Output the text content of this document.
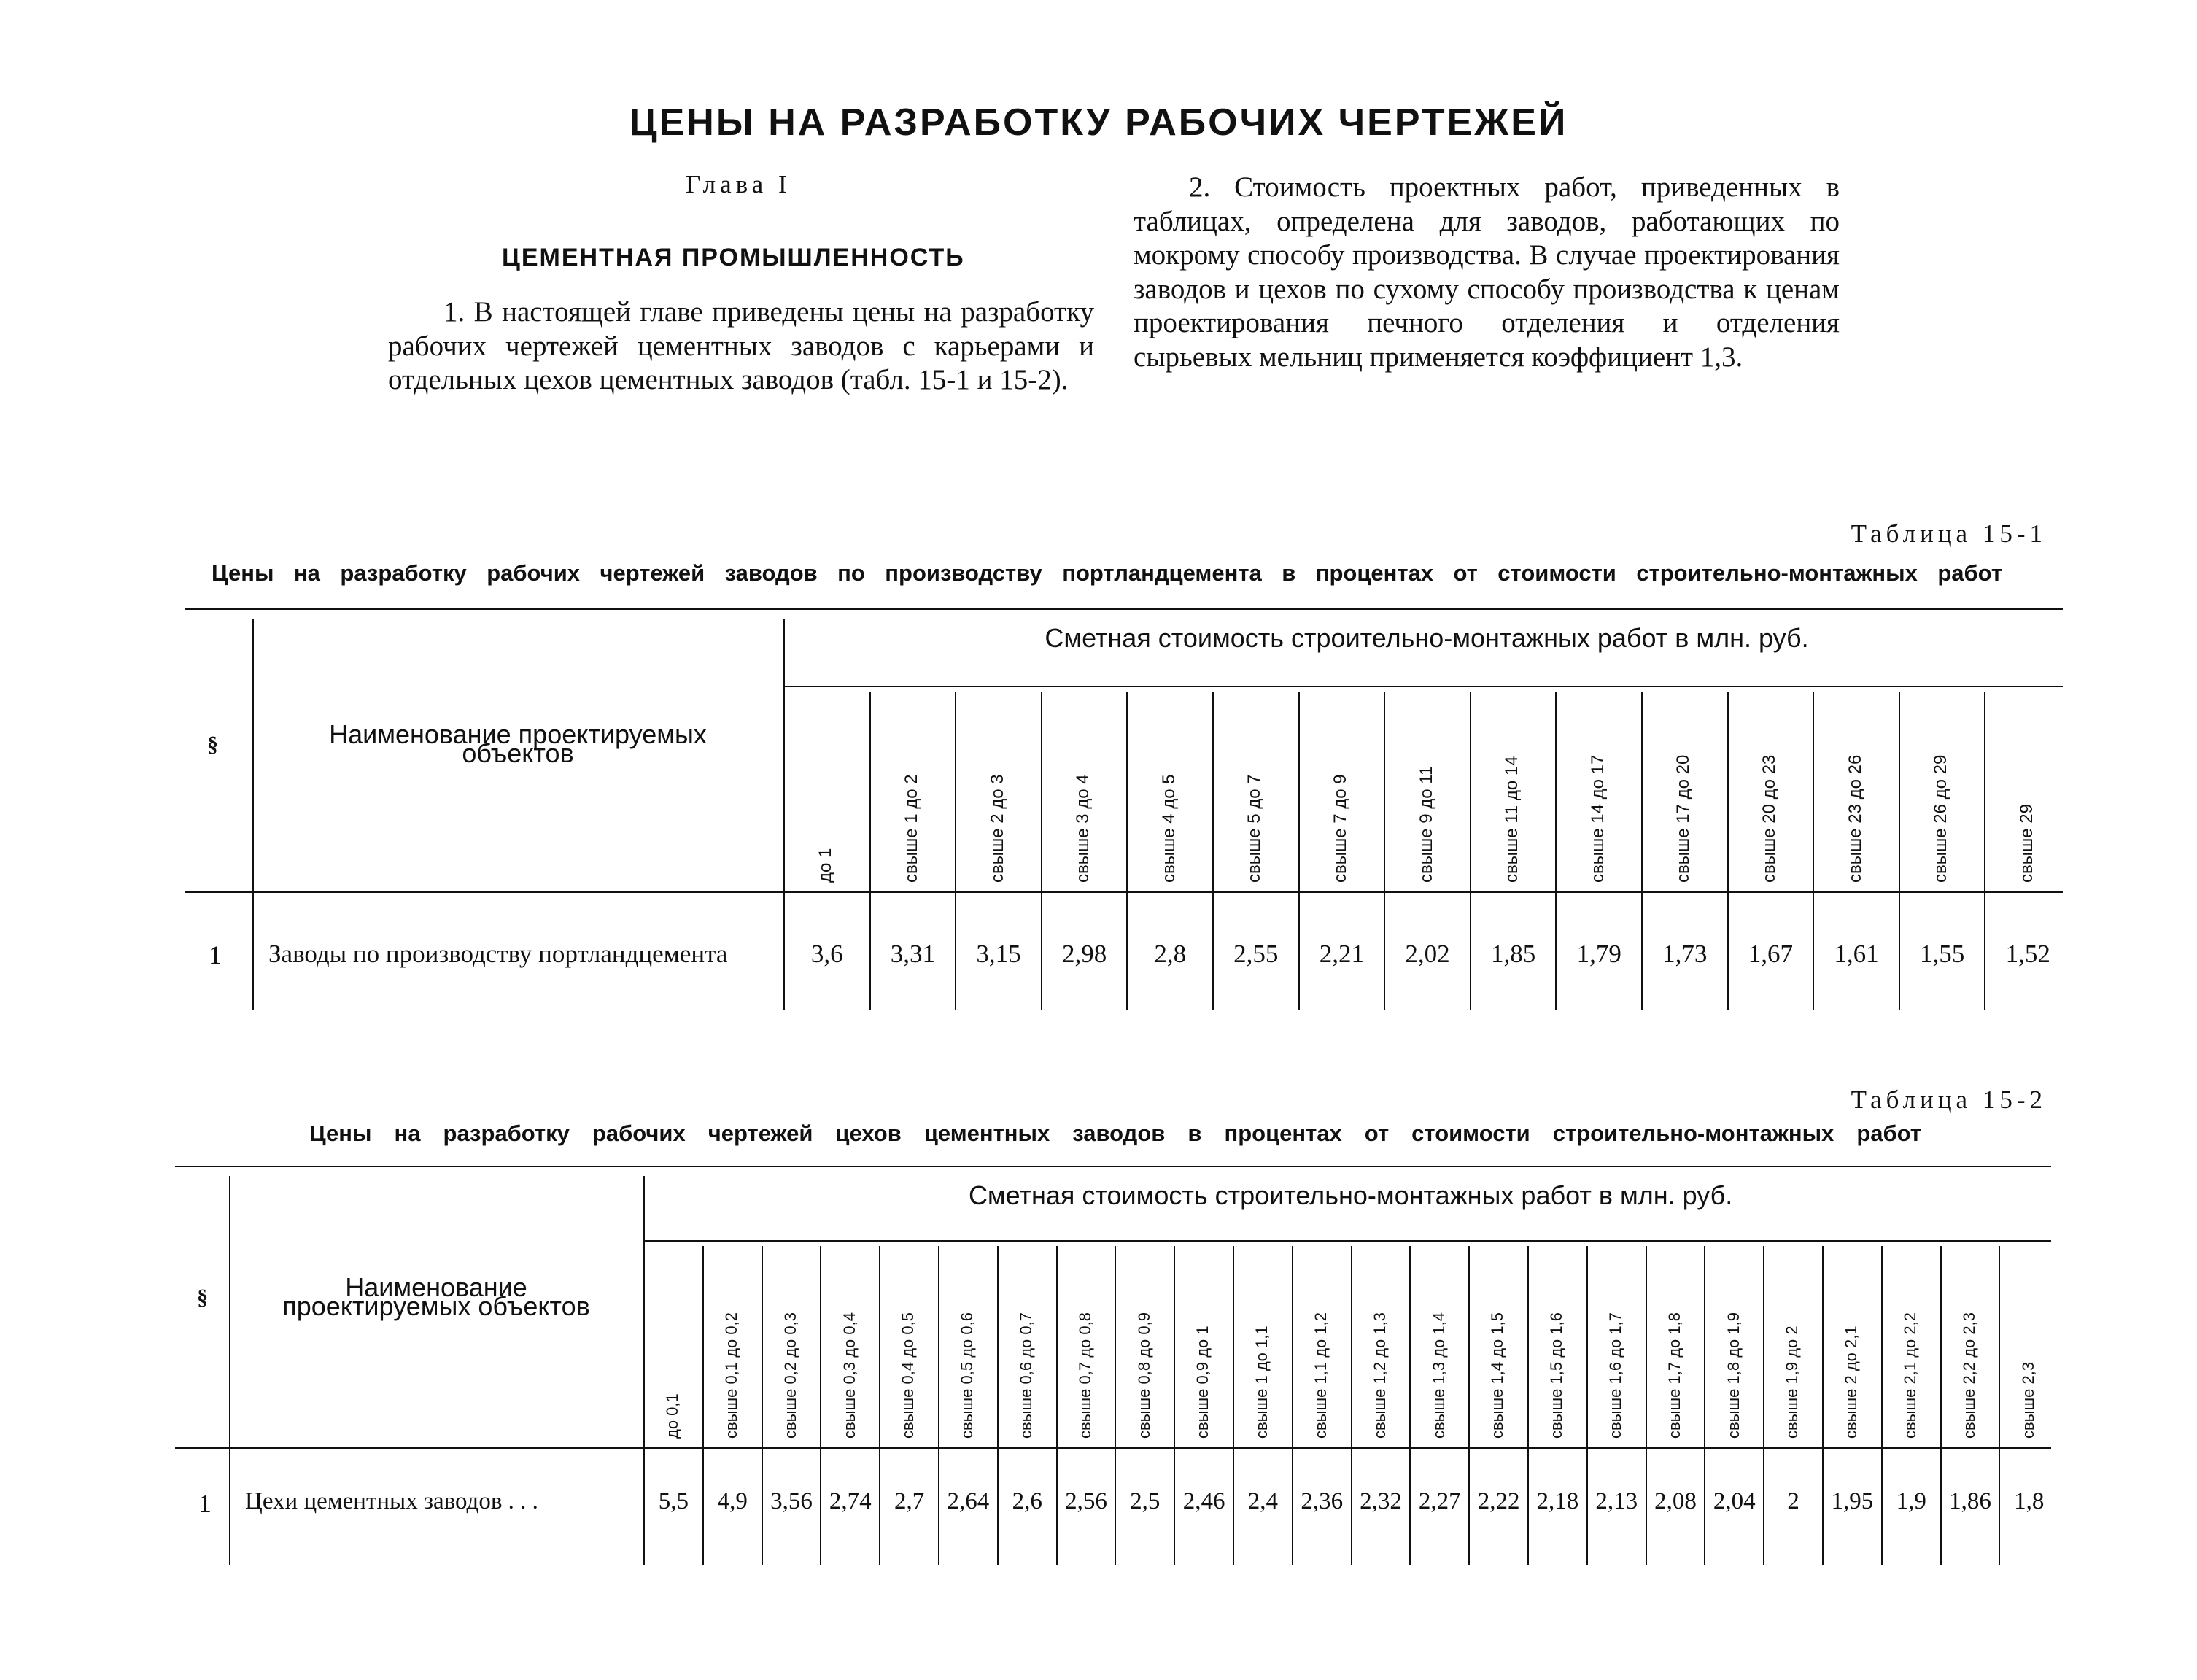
ЦЕНЫ НА РАЗРАБОТКУ РАБОЧИХ ЧЕРТЕЖЕЙ
Глава I
ЦЕМЕНТНАЯ ПРОМЫШЛЕННОСТЬ
1. В настоящей главе приведены цены на разработку рабочих чертежей цементных заводов с карьерами и отдельных цехов цементных заводов (табл. 15-1 и 15-2).
2. Стоимость проектных работ, приведенных в таблицах, определена для заводов, работающих по мокрому способу производства. В случае проектирования заводов и цехов по сухому способу производства к ценам проектирования печного отделения и отделения сырьевых мельниц применяется коэффициент 1,3.
Таблица 15-1
Цены на разработку рабочих чертежей заводов по производству портландцемента в процентах от стоимости строительно-монтажных работ
§	Наименование проектируемых объектов
Сметная стоимость строительно-монтажных работ в млн. руб.
до 1	свыше 1 до 2	свыше 2 до 3	свыше 3 до 4	свыше 4 до 5	свыше 5 до 7	свыше 7 до 9	свыше 9 до 11	свыше 11 до 14	свыше 14 до 17	свыше 17 до 20	свыше 20 до 23	свыше 23 до 26	свыше 26 до 29	свыше 29
1 Заводы по производству портландцемента	3,6	3,31	3,15	2,98	2,8	2,55	2,21	2,02	1,85	1,79	1,73	1,67	1,61	1,55	1,52
Таблица 15-2
Цены на разработку рабочих чертежей цехов цементных заводов в процентах от стоимости строительно-монтажных работ
§	Наименование проектируемых объектов
Сметная стоимость строительно-монтажных работ в млн. руб.
до 0,1	свыше 0,1 до 0,2	свыше 0,2 до 0,3	свыше 0,3 до 0,4	свыше 0,4 до 0,5	свыше 0,5 до 0,6	свыше 0,6 до 0,7	свыше 0,7 до 0,8	свыше 0,8 до 0,9	свыше 0,9 до 1	свыше 1 до 1,1	свыше 1,1 до 1,2	свыше 1,2 до 1,3	свыше 1,3 до 1,4	свыше 1,4 до 1,5	свыше 1,5 до 1,6	свыше 1,6 до 1,7	свыше 1,7 до 1,8	свыше 1,8 до 1,9	свыше 1,9 до 2	свыше 2 до 2,1	свыше 2,1 до 2,2	свыше 2,2 до 2,3	свыше 2,3
1 Цехи цементных заводов . . .	5,5	4,9 3,56 2,74 2,7 2,64 2,6 2,56 2,5 2,46 2,4 2,36 2,32 2,27 2,22 2,18 2,13 2,08 2,04	2	1,95 1,9 1,86 1,8
